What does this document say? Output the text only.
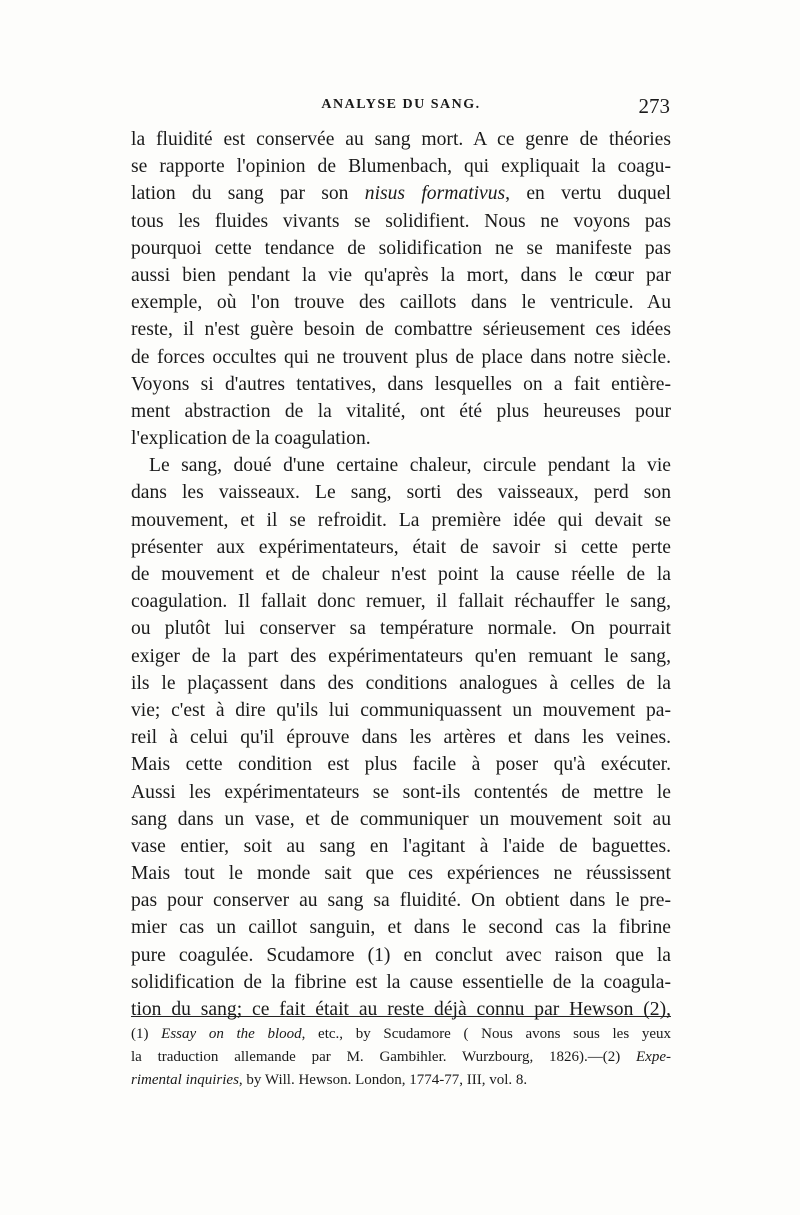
ANALYSE DU SANG.	273
la fluidité est conservée au sang mort. A ce genre de théories
se rapporte l'opinion de Blumenbach, qui expliquait la coagu-
lation du sang par son nisus formativus, en vertu duquel
tous les fluides vivants se solidifient. Nous ne voyons pas
pourquoi cette tendance de solidification ne se manifeste pas
aussi bien pendant la vie qu'après la mort, dans le cœur par
exemple, où l'on trouve des caillots dans le ventricule. Au
reste, il n'est guère besoin de combattre sérieusement ces idées
de forces occultes qui ne trouvent plus de place dans notre siècle.
Voyons si d'autres tentatives, dans lesquelles on a fait entière-
ment abstraction de la vitalité, ont été plus heureuses pour
l'explication de la coagulation.
Le sang, doué d'une certaine chaleur, circule pendant la vie
dans les vaisseaux. Le sang, sorti des vaisseaux, perd son
mouvement, et il se refroidit. La première idée qui devait se
présenter aux expérimentateurs, était de savoir si cette perte
de mouvement et de chaleur n'est point la cause réelle de la
coagulation. Il fallait donc remuer, il fallait réchauffer le sang,
ou plutôt lui conserver sa température normale. On pourrait
exiger de la part des expérimentateurs qu'en remuant le sang,
ils le plaçassent dans des conditions analogues à celles de la
vie; c'est à dire qu'ils lui communiquassent un mouvement pa-
reil à celui qu'il éprouve dans les artères et dans les veines.
Mais cette condition est plus facile à poser qu'à exécuter.
Aussi les expérimentateurs se sont-ils contentés de mettre le
sang dans un vase, et de communiquer un mouvement soit au
vase entier, soit au sang en l'agitant à l'aide de baguettes.
Mais tout le monde sait que ces expériences ne réussissent
pas pour conserver au sang sa fluidité. On obtient dans le pre-
mier cas un caillot sanguin, et dans le second cas la fibrine
pure coagulée. Scudamore (1) en conclut avec raison que la
solidification de la fibrine est la cause essentielle de la coagula-
tion du sang; ce fait était au reste déjà connu par Hewson (2),
(1) Essay on the blood, etc., by Scudamore ( Nous avons sous les yeux
la traduction allemande par M. Gambihler. Wurzbourg, 1826).—(2) Expe-
rimental inquiries, by Will. Hewson. London, 1774-77, III, vol. 8.
